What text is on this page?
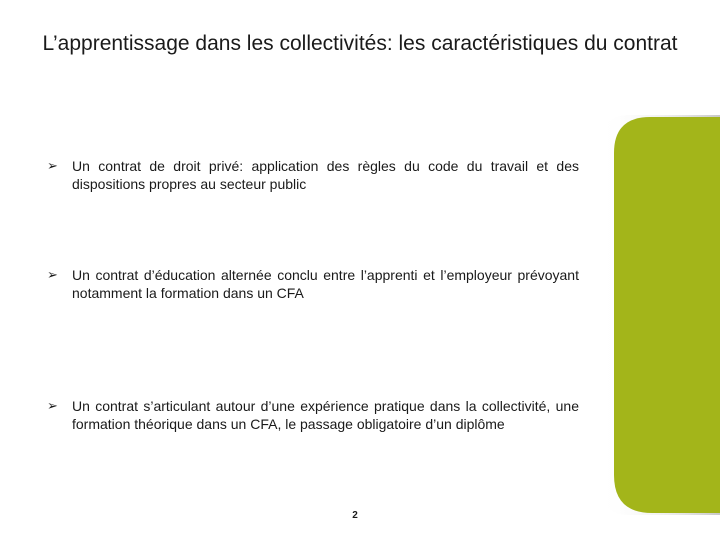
L’apprentissage dans les collectivités: les caractéristiques du contrat
➢	Un contrat de droit privé: application des règles du code du travail et des dispositions propres au secteur public
➢	Un contrat d’éducation alternée conclu entre l’apprenti et l’employeur prévoyant notamment la formation dans un CFA
➢	Un contrat s’articulant autour d’une expérience pratique dans la collectivité, une formation théorique dans un CFA, le passage obligatoire d’un diplôme
2
